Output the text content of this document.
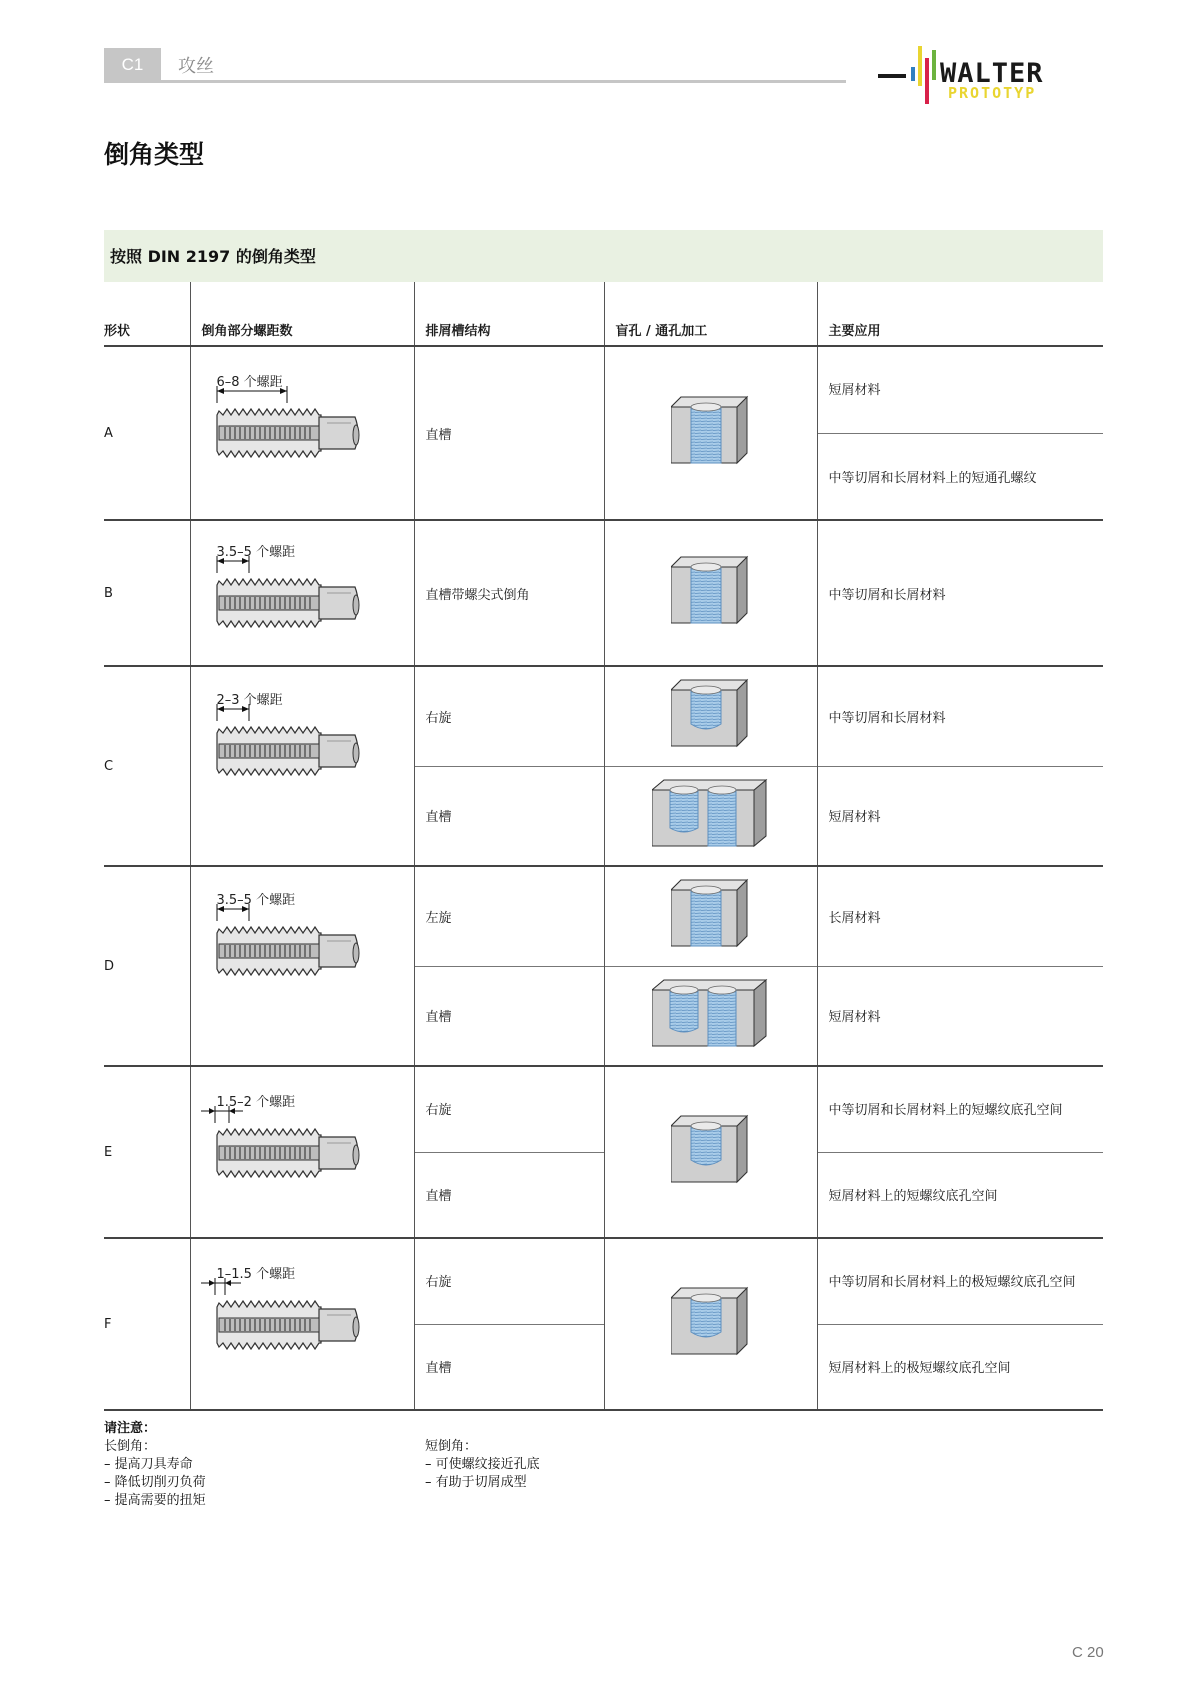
C1	攻丝	WALTER
PROTOTYP
倒角类型
按照 DIN 2197 的倒角类型
形状	倒角部分螺距数	排屑槽结构	盲孔 / 通孔加工	主要应用
A	6–8 个螺距	直槽		短屑材料
				中等切屑和长屑材料上的短通孔螺纹
B	3.5–5 个螺距	直槽带螺尖式倒角		中等切屑和长屑材料
C	2–3 个螺距	右旋		中等切屑和长屑材料
		直槽		短屑材料
D	3.5–5 个螺距	左旋		长屑材料
		直槽		短屑材料
E	1.5–2 个螺距	右旋		中等切屑和长屑材料上的短螺纹底孔空间
		直槽		短屑材料上的短螺纹底孔空间
F	1–1.5 个螺距	右旋		中等切屑和长屑材料上的极短螺纹底孔空间
		直槽		短屑材料上的极短螺纹底孔空间
请注意：
长倒角：
– 提高刀具寿命
– 降低切削刃负荷
– 提高需要的扭矩
短倒角：
– 可使螺纹接近孔底
– 有助于切屑成型
C 20
